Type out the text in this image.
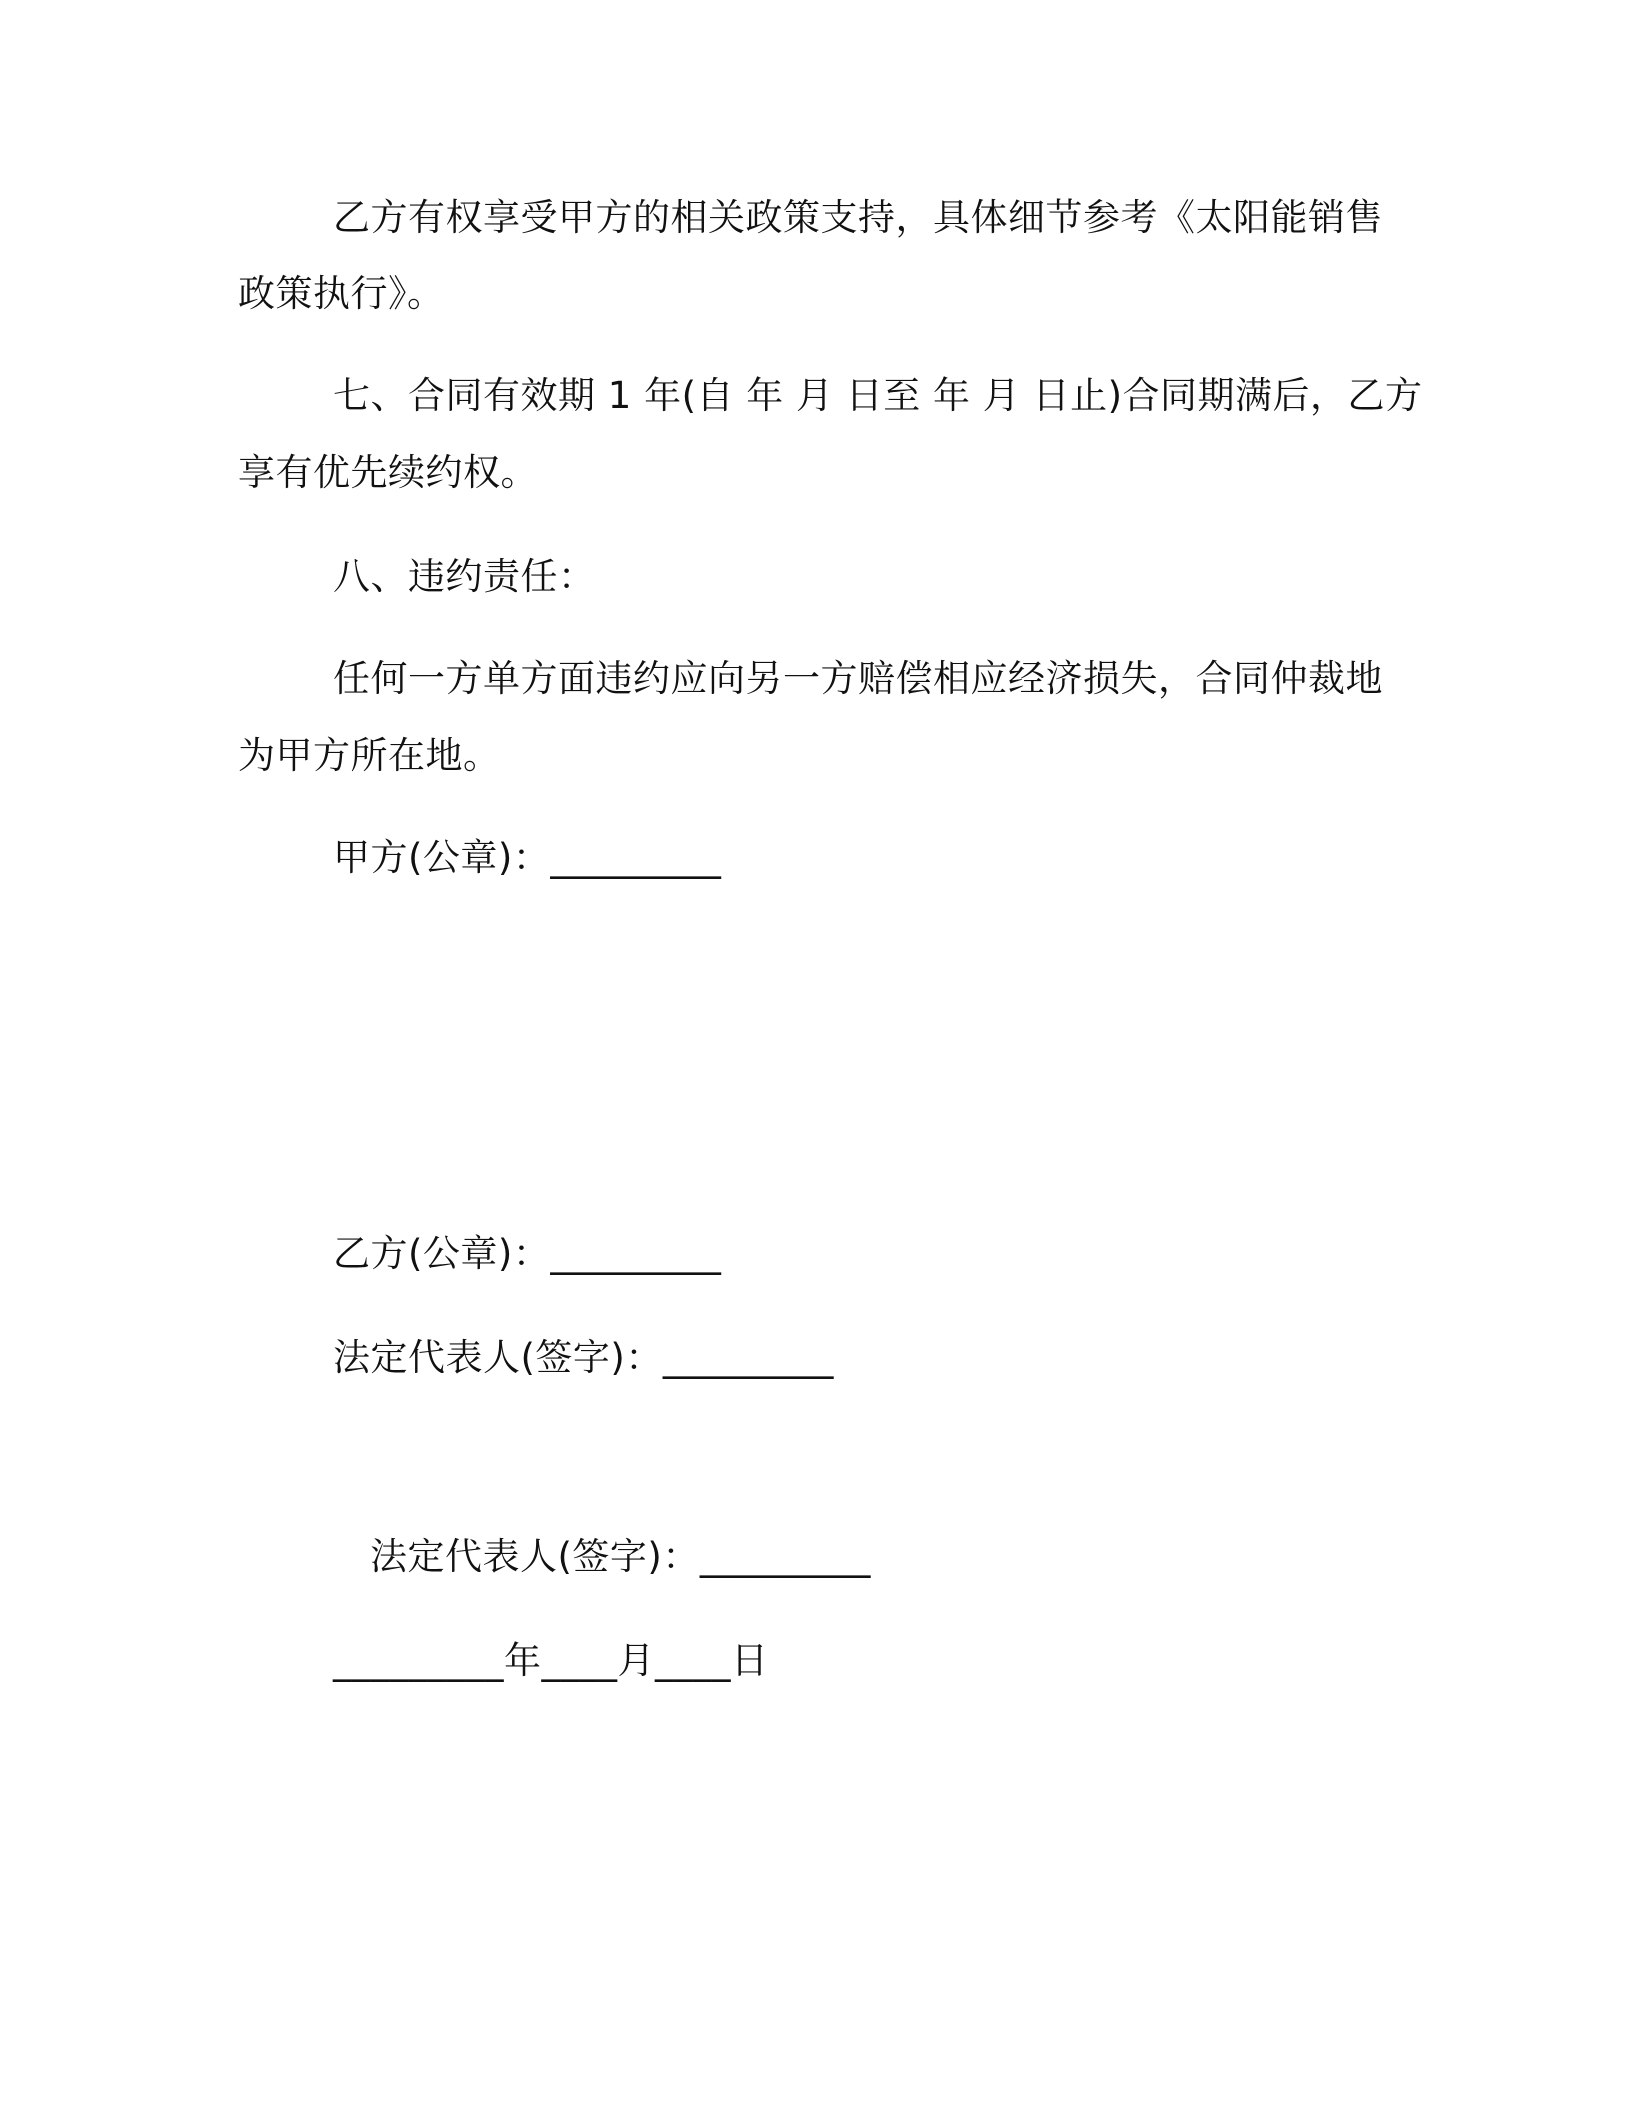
乙方有权享受甲方的相关政策支持，具体细节参考《太阳能销售
政策执行》。
七、合同有效期 1 年(自 年 月 日至 年 月 日止)合同期满后，乙方
享有优先续约权。
八、违约责任：
任何一方单方面违约应向另一方赔偿相应经济损失，合同仲裁地
为甲方所在地。
甲方(公章)：_________
乙方(公章)：_________
法定代表人(签字)：_________
法定代表人(签字)：_________
_________年____月____日
